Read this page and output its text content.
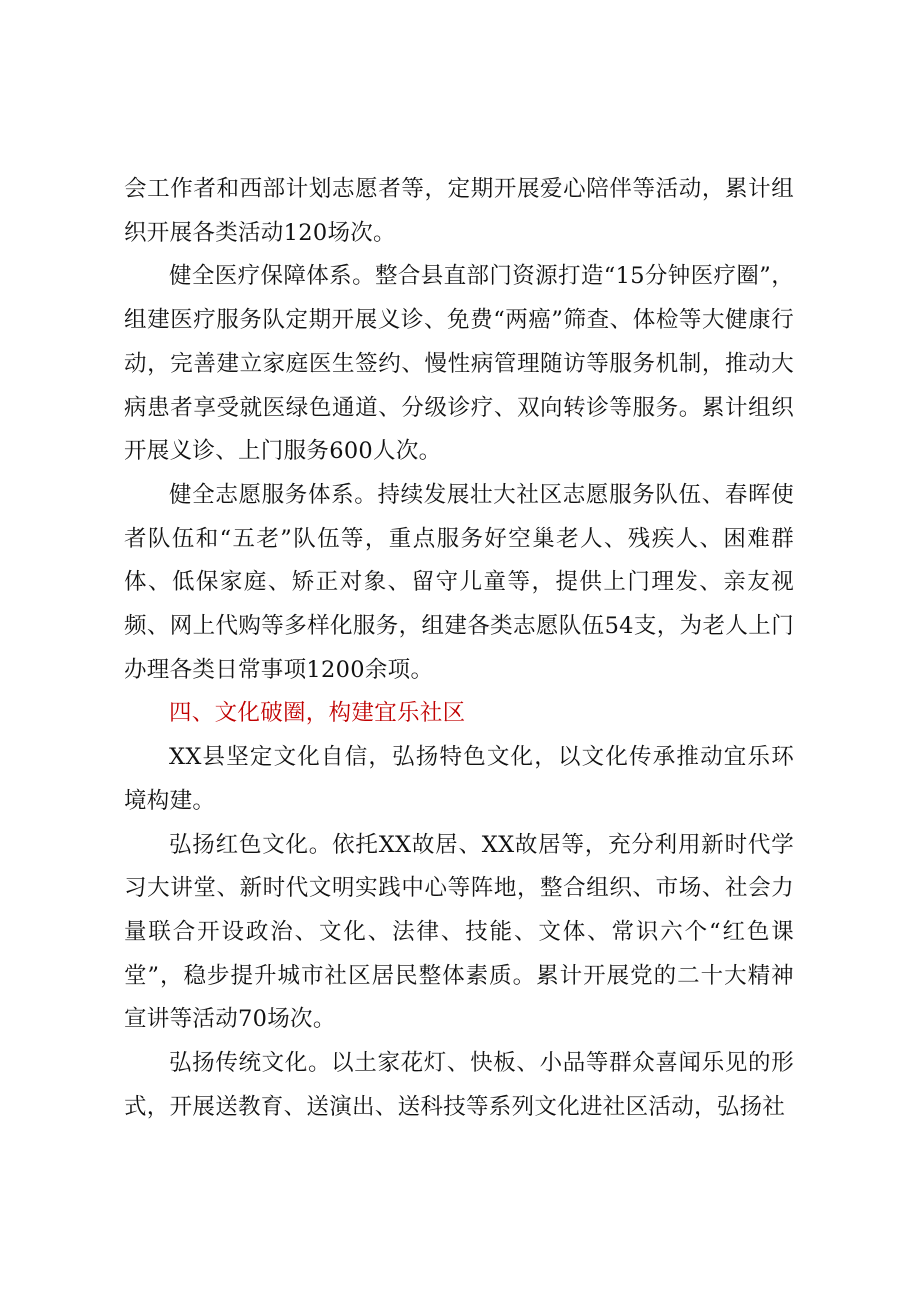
会工作者和西部计划志愿者等，定期开展爱心陪伴等活动，累计组织开展各类活动120场次。

健全医疗保障体系。整合县直部门资源打造“15分钟医疗圈”，组建医疗服务队定期开展义诊、免费“两癌”筛查、体检等大健康行动，完善建立家庭医生签约、慢性病管理随访等服务机制，推动大病患者享受就医绿色通道、分级诊疗、双向转诊等服务。累计组织开展义诊、上门服务600人次。

健全志愿服务体系。持续发展壮大社区志愿服务队伍、春晖使者队伍和“五老”队伍等，重点服务好空巢老人、残疾人、困难群体、低保家庭、矫正对象、留守儿童等，提供上门理发、亲友视频、网上代购等多样化服务，组建各类志愿队伍54支，为老人上门办理各类日常事项1200余项。

四、文化破圈，构建宜乐社区

XX县坚定文化自信，弘扬特色文化，以文化传承推动宜乐环境构建。

弘扬红色文化。依托XX故居、XX故居等，充分利用新时代学习大讲堂、新时代文明实践中心等阵地，整合组织、市场、社会力量联合开设政治、文化、法律、技能、文体、常识六个“红色课堂”，稳步提升城市社区居民整体素质。累计开展党的二十大精神宣讲等活动70场次。

弘扬传统文化。以土家花灯、快板、小品等群众喜闻乐见的形式，开展送教育、送演出、送科技等系列文化进社区活动，弘扬社
